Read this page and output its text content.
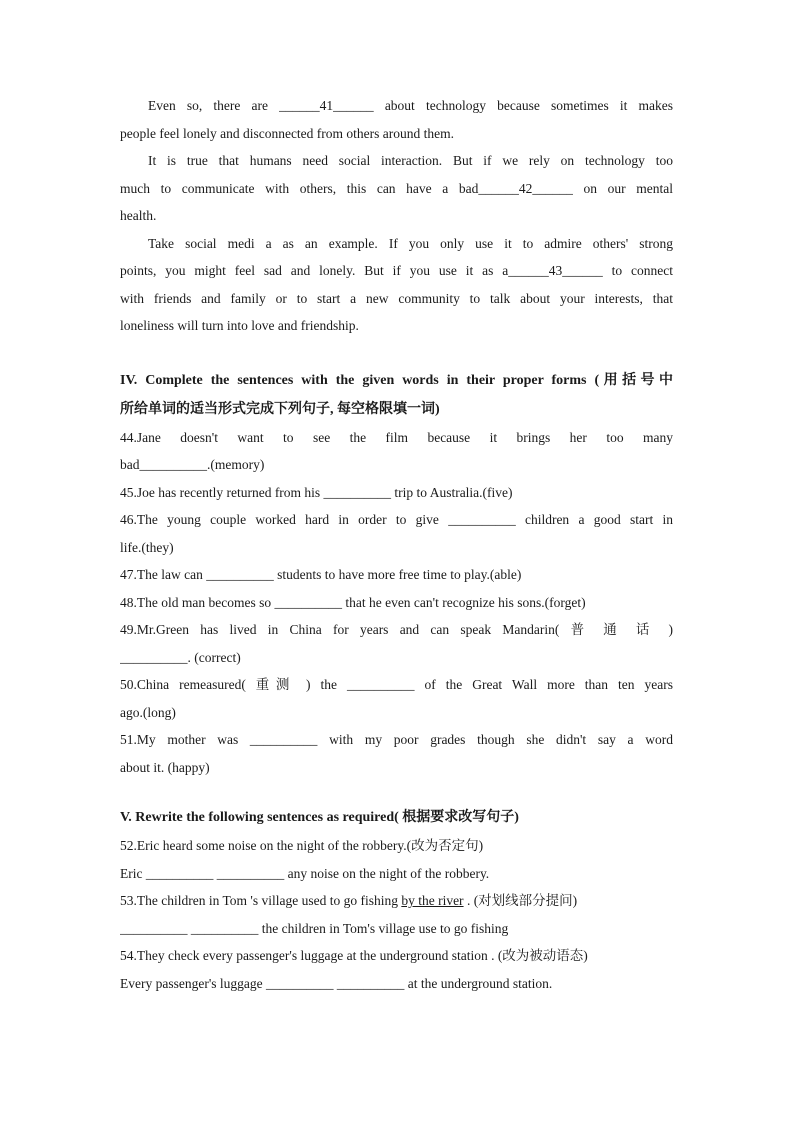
Even so, there are ______41______ about technology because sometimes it makes
people feel lonely and disconnected from others around them.
It is true that humans need social interaction. But if we rely on technology too
much to communicate with others, this can have a bad______42______ on our mental
health.
Take social medi a as an example. If you only use it to admire others' strong
points, you might feel sad and lonely. But if you use it as a______43______ to connect
with friends and family or to start a new community to talk about your interests, that
loneliness will turn into love and friendship.
IV. Complete the sentences with the given words in their proper forms (用括号中
所给单词的适当形式完成下列句子, 每空格限填一词)
44.Jane doesn't want to see the film because it brings her too many
bad__________.(memory)
45.Joe has recently returned from his __________ trip to Australia.(five)
46.The young couple worked hard in order to give __________ children a good start in
life.(they)
47.The law can __________ students to have more free time to play.(able)
48.The old man becomes so __________ that he even can't recognize his sons.(forget)
49.Mr.Green has lived in China for years and can speak Mandarin( 普 通 话 )
__________. (correct)
50.China remeasured( 重测 ) the __________ of the Great Wall more than ten years
ago.(long)
51.My mother was __________ with my poor grades though she didn't say a word
about it. (happy)
V. Rewrite the following sentences as required( 根据要求改写句子)
52.Eric heard some noise on the night of the robbery.(改为否定句)
Eric __________ __________ any noise on the night of the robbery.
53.The children in Tom 's village used to go fishing by the river . (对划线部分提问)
__________ __________ the children in Tom's village use to go fishing
54.They check every passenger's luggage at the underground station . (改为被动语态)
Every passenger's luggage __________ __________ at the underground station.
